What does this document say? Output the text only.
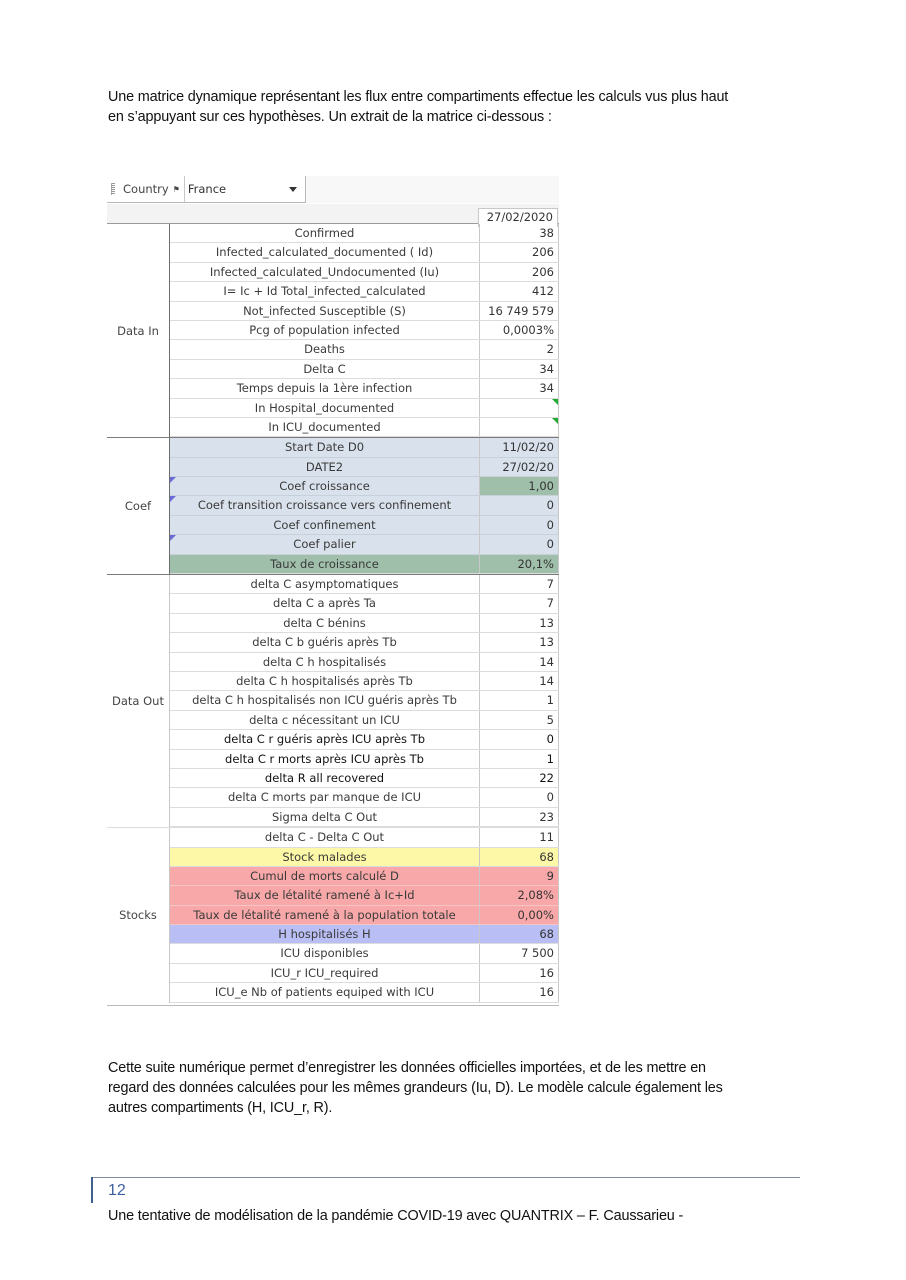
Une matrice dynamique représentant les flux entre compartiments effectue les calculs vus plus haut

en s’appuyant sur ces hypothèses. Un extrait de la matrice ci-dessous :

Country ⚑ France
27/02/2020
Data In
Confirmed	38
Infected_calculated_documented ( Id)	206
Infected_calculated_Undocumented (Iu)	206
I= Ic + Id Total_infected_calculated	412
Not_infected Susceptible (S)	16 749 579
Pcg of population infected	0,0003%
Deaths	2
Delta C	34
Temps depuis la 1ère infection	34
In Hospital_documented
In ICU_documented
Coef
Start Date D0	11/02/20
DATE2	27/02/20
Coef croissance	1,00
Coef transition croissance vers confinement	0
Coef confinement	0
Coef palier	0
Taux de croissance	20,1%
Data Out
delta C asymptomatiques	7
delta C a après Ta	7
delta C bénins	13
delta C b guéris après Tb	13
delta C h hospitalisés	14
delta C h hospitalisés après Tb	14
delta C h hospitalisés non ICU guéris après Tb	1
delta c nécessitant un ICU	5
delta C r guéris après ICU après Tb	0
delta C r morts après ICU après Tb	1
delta R all recovered	22
delta C morts par manque de ICU	0
Sigma delta C Out	23
Stocks
delta C - Delta C Out	11
Stock malades	68
Cumul de morts calculé D	9
Taux de létalité ramené à Ic+Id	2,08%
Taux de létalité ramené à la population totale	0,00%
H hospitalisés H	68
ICU disponibles	7 500
ICU_r ICU_required	16
ICU_e Nb of patients equiped with ICU	16

Cette suite numérique permet d’enregistrer les données officielles importées, et de les mettre en

regard des données calculées pour les mêmes grandeurs (Iu, D). Le modèle calcule également les

autres compartiments (H, ICU_r, R).

12
Une tentative de modélisation de la pandémie COVID-19 avec QUANTRIX – F. Caussarieu -
